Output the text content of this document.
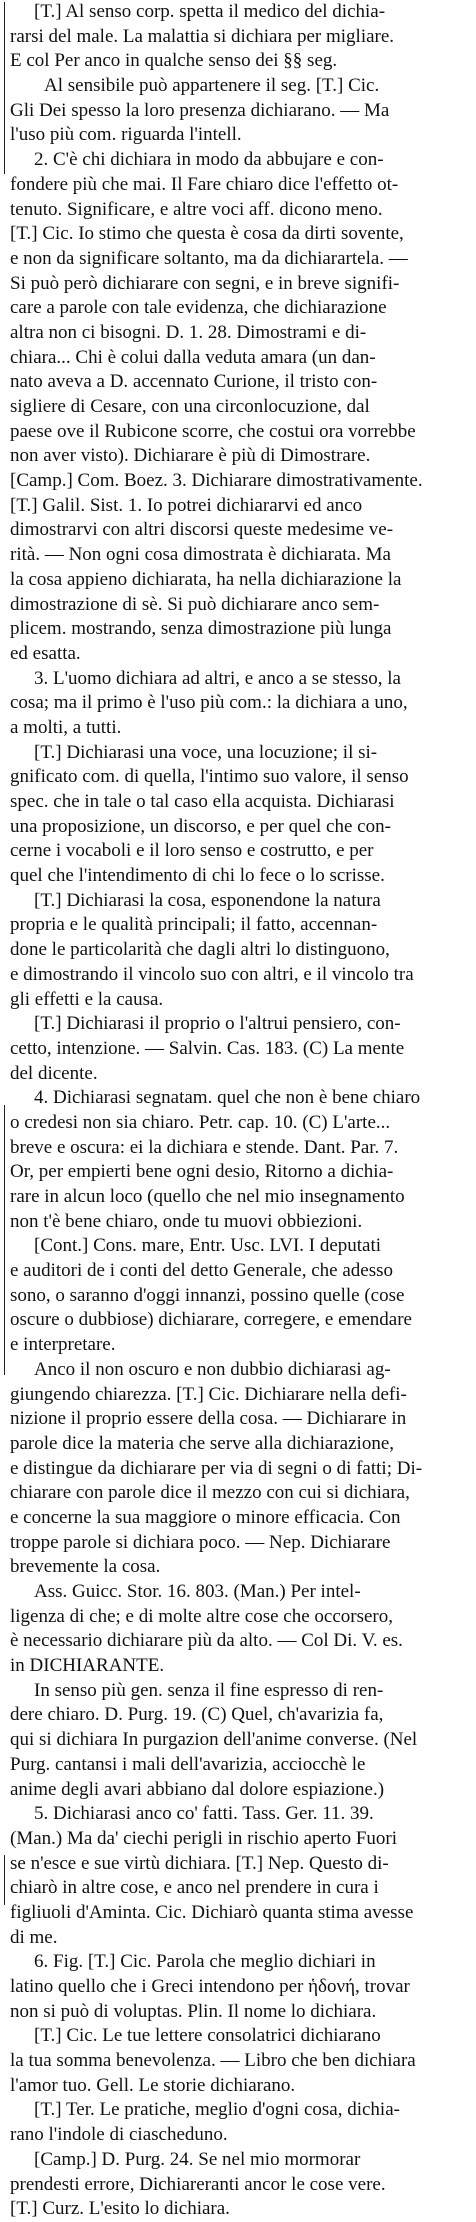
[T.] Al senso corp. spetta il medico del dichia-
rarsi del male. La malattia si dichiara per migliare.
E col Per anco in qualche senso dei §§ seg.
Al sensibile può appartenere il seg. [T.] Cic.
Gli Dei spesso la loro presenza dichiarano. — Ma
l'uso più com. riguarda l'intell.
2. C'è chi dichiara in modo da abbujare e con-
fondere più che mai. Il Fare chiaro dice l'effetto ot-
tenuto. Significare, e altre voci aff. dicono meno.
[T.] Cic. Io stimo che questa è cosa da dirti sovente,
e non da significare soltanto, ma da dichiarartela. —
Si può però dichiarare con segni, e in breve signifi-
care a parole con tale evidenza, che dichiarazione
altra non ci bisogni. D. 1. 28. Dimostrami e di-
chiara... Chi è colui dalla veduta amara (un dan-
nato aveva a D. accennato Curione, il tristo con-
sigliere di Cesare, con una circonlocuzione, dal
paese ove il Rubicone scorre, che costui ora vorrebbe
non aver visto). Dichiarare è più di Dimostrare.
[Camp.] Com. Boez. 3. Dichiarare dimostrativamente.
[T.] Galil. Sist. 1. Io potrei dichiararvi ed anco
dimostrarvi con altri discorsi queste medesime ve-
rità. — Non ogni cosa dimostrata è dichiarata. Ma
la cosa appieno dichiarata, ha nella dichiarazione la
dimostrazione di sè. Si può dichiarare anco sem-
plicem. mostrando, senza dimostrazione più lunga
ed esatta.
3. L'uomo dichiara ad altri, e anco a se stesso, la
cosa; ma il primo è l'uso più com.: la dichiara a uno,
a molti, a tutti.
[T.] Dichiarasi una voce, una locuzione; il si-
gnificato com. di quella, l'intimo suo valore, il senso
spec. che in tale o tal caso ella acquista. Dichiarasi
una proposizione, un discorso, e per quel che con-
cerne i vocaboli e il loro senso e costrutto, e per
quel che l'intendimento di chi lo fece o lo scrisse.
[T.] Dichiarasi la cosa, esponendone la natura
propria e le qualità principali; il fatto, accennan-
done le particolarità che dagli altri lo distinguono,
e dimostrando il vincolo suo con altri, e il vincolo tra
gli effetti e la causa.
[T.] Dichiarasi il proprio o l'altrui pensiero, con-
cetto, intenzione. — Salvin. Cas. 183. (C) La mente
del dicente.
4. Dichiarasi segnatam. quel che non è bene chiaro
o credesi non sia chiaro. Petr. cap. 10. (C) L'arte...
breve e oscura: ei la dichiara e stende. Dant. Par. 7.
Or, per empierti bene ogni desio, Ritorno a dichia-
rare in alcun loco (quello che nel mio insegnamento
non t'è bene chiaro, onde tu muovi obbiezioni.
[Cont.] Cons. mare, Entr. Usc. LVI. I deputati
e auditori de i conti del detto Generale, che adesso
sono, o saranno d'oggi innanzi, possino quelle (cose
oscure o dubbiose) dichiarare, corregere, e emendare
e interpretare.
Anco il non oscuro e non dubbio dichiarasi ag-
giungendo chiarezza. [T.] Cic. Dichiarare nella defi-
nizione il proprio essere della cosa. — Dichiarare in
parole dice la materia che serve alla dichiarazione,
e distingue da dichiarare per via di segni o di fatti; Di-
chiarare con parole dice il mezzo con cui si dichiara,
e concerne la sua maggiore o minore efficacia. Con
troppe parole si dichiara poco. — Nep. Dichiarare
brevemente la cosa.
Ass. Guicc. Stor. 16. 803. (Man.) Per intel-
ligenza di che; e di molte altre cose che occorsero,
è necessario dichiarare più da alto. — Col Di. V. es.
in DICHIARANTE.
In senso più gen. senza il fine espresso di ren-
dere chiaro. D. Purg. 19. (C) Quel, ch'avarizia fa,
qui si dichiara In purgazion dell'anime converse. (Nel
Purg. cantansi i mali dell'avarizia, acciocchè le
anime degli avari abbiano dal dolore espiazione.)
5. Dichiarasi anco co' fatti. Tass. Ger. 11. 39.
(Man.) Ma da' ciechi perigli in rischio aperto Fuori
se n'esce e sue virtù dichiara. [T.] Nep. Questo di-
chiarò in altre cose, e anco nel prendere in cura i
figliuoli d'Aminta. Cic. Dichiarò quanta stima avesse
di me.
6. Fig. [T.] Cic. Parola che meglio dichiari in
latino quello che i Greci intendono per ἡδονή, trovar
non si può di voluptas. Plin. Il nome lo dichiara.
[T.] Cic. Le tue lettere consolatrici dichiarano
la tua somma benevolenza. — Libro che ben dichiara
l'amor tuo. Gell. Le storie dichiarano.
[T.] Ter. Le pratiche, meglio d'ogni cosa, dichia-
rano l'indole di ciascheduno.
[Camp.] D. Purg. 24. Se nel mio mormorar
prendesti errore, Dichiareranti ancor le cose vere.
[T.] Curz. L'esito lo dichiara.
